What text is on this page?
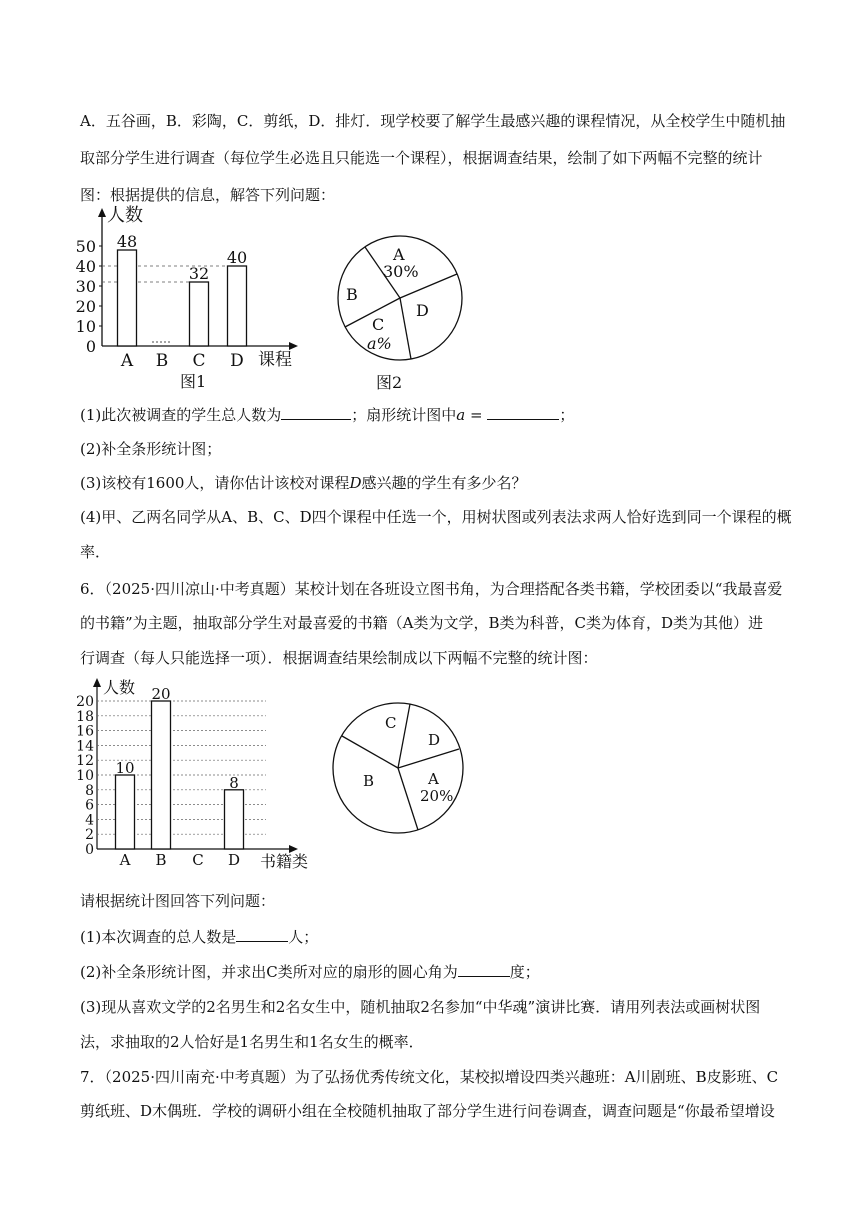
A．五谷画，B．彩陶，C．剪纸，D．排灯．现学校要了解学生最感兴趣的课程情况，从全校学生中随机抽
取部分学生进行调查（每位学生必选且只能选一个课程），根据调查结果，绘制了如下两幅不完整的统计
图：根据提供的信息，解答下列问题：
人数
课程
0
10
20
30
40
50 48
32
40
A B C D
图1
A
30%
B
C
a%
D
图2
(1)此次被调查的学生总人数为	；扇形统计图中a =	；
(2)补全条形统计图；
(3)该校有1600人，请你估计该校对课程D感兴趣的学生有多少名？
(4)甲、乙两名同学从A、B、C、D四个课程中任选一个，用树状图或列表法求两人恰好选到同一个课程的概
率．
6．（2025·四川凉山·中考真题）某校计划在各班设立图书角，为合理搭配各类书籍，学校团委以“我最喜爱
的书籍”为主题，抽取部分学生对最喜爱的书籍（A类为文学，B类为科普，C类为体育，D类为其他）进
行调查（每人只能选择一项）．根据调查结果绘制成以下两幅不完整的统计图：
人数
书籍类
0
2
4
6
8
10
12
14
16
18
20
10
20
8
A B C D
C
D
B	A
20%
请根据统计图回答下列问题：
(1)本次调查的总人数是	人；
(2)补全条形统计图，并求出C类所对应的扇形的圆心角为	度；
(3)现从喜欢文学的2名男生和2名女生中，随机抽取2名参加“中华魂”演讲比赛．请用列表法或画树状图
法，求抽取的2人恰好是1名男生和1名女生的概率．
7．（2025·四川南充·中考真题）为了弘扬优秀传统文化，某校拟增设四类兴趣班：A川剧班、B皮影班、C
剪纸班、D木偶班．学校的调研小组在全校随机抽取了部分学生进行问卷调查，调查问题是“你最希望增设
